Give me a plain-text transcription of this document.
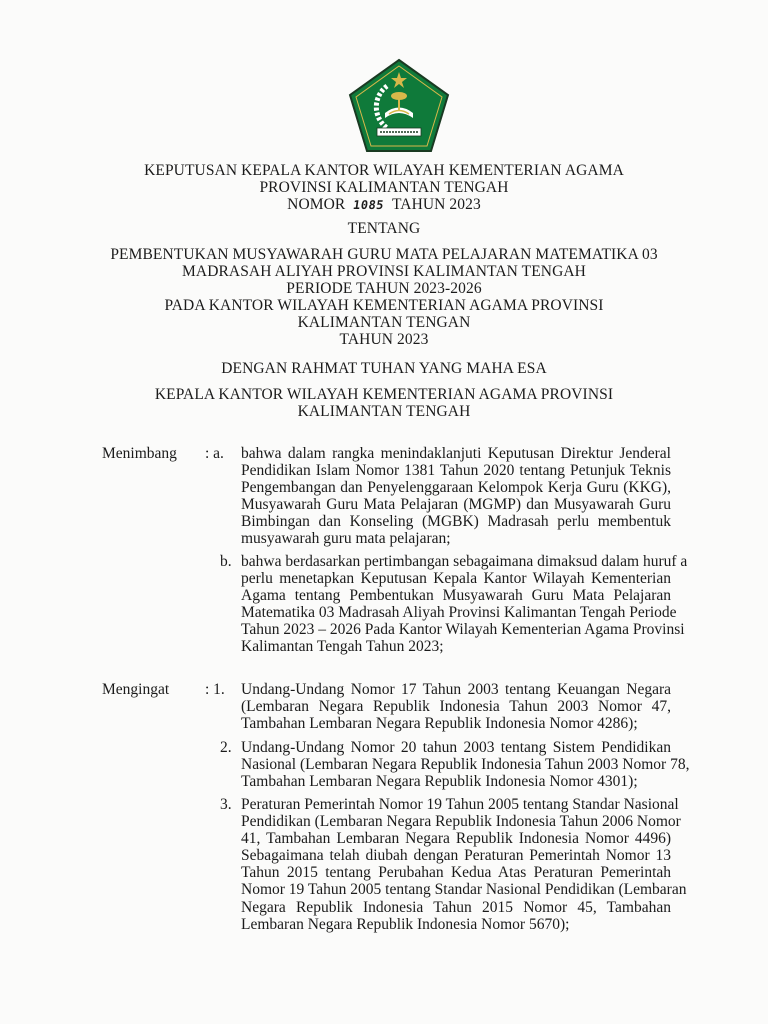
KEPUTUSAN KEPALA KANTOR WILAYAH KEMENTERIAN AGAMA
PROVINSI KALIMANTAN TENGAH
NOMOR 1085 TAHUN 2023
TENTANG
PEMBENTUKAN MUSYAWARAH GURU MATA PELAJARAN MATEMATIKA 03
MADRASAH ALIYAH PROVINSI KALIMANTAN TENGAH
PERIODE TAHUN 2023-2026
PADA KANTOR WILAYAH KEMENTERIAN AGAMA PROVINSI
KALIMANTAN TENGAN
TAHUN 2023
DENGAN RAHMAT TUHAN YANG MAHA ESA
KEPALA KANTOR WILAYAH KEMENTERIAN AGAMA PROVINSI
KALIMANTAN TENGAH
Menimbang : a. bahwa dalam rangka menindaklanjuti Keputusan Direktur Jenderal
Pendidikan Islam Nomor 1381 Tahun 2020 tentang Petunjuk Teknis
Pengembangan dan Penyelenggaraan Kelompok Kerja Guru (KKG),
Musyawarah Guru Mata Pelajaran (MGMP) dan Musyawarah Guru
Bimbingan dan Konseling (MGBK) Madrasah perlu membentuk
musyawarah guru mata pelajaran;
b. bahwa berdasarkan pertimbangan sebagaimana dimaksud dalam huruf a
perlu menetapkan Keputusan Kepala Kantor Wilayah Kementerian
Agama tentang Pembentukan Musyawarah Guru Mata Pelajaran
Matematika 03 Madrasah Aliyah Provinsi Kalimantan Tengah Periode
Tahun 2023 – 2026 Pada Kantor Wilayah Kementerian Agama Provinsi
Kalimantan Tengah Tahun 2023;
Mengingat : 1. Undang-Undang Nomor 17 Tahun 2003 tentang Keuangan Negara
(Lembaran Negara Republik Indonesia Tahun 2003 Nomor 47,
Tambahan Lembaran Negara Republik Indonesia Nomor 4286);
2. Undang-Undang Nomor 20 tahun 2003 tentang Sistem Pendidikan
Nasional (Lembaran Negara Republik Indonesia Tahun 2003 Nomor 78,
Tambahan Lembaran Negara Republik Indonesia Nomor 4301);
3. Peraturan Pemerintah Nomor 19 Tahun 2005 tentang Standar Nasional
Pendidikan (Lembaran Negara Republik Indonesia Tahun 2006 Nomor
41, Tambahan Lembaran Negara Republik Indonesia Nomor 4496)
Sebagaimana telah diubah dengan Peraturan Pemerintah Nomor 13
Tahun 2015 tentang Perubahan Kedua Atas Peraturan Pemerintah
Nomor 19 Tahun 2005 tentang Standar Nasional Pendidikan (Lembaran
Negara Republik Indonesia Tahun 2015 Nomor 45, Tambahan
Lembaran Negara Republik Indonesia Nomor 5670);
